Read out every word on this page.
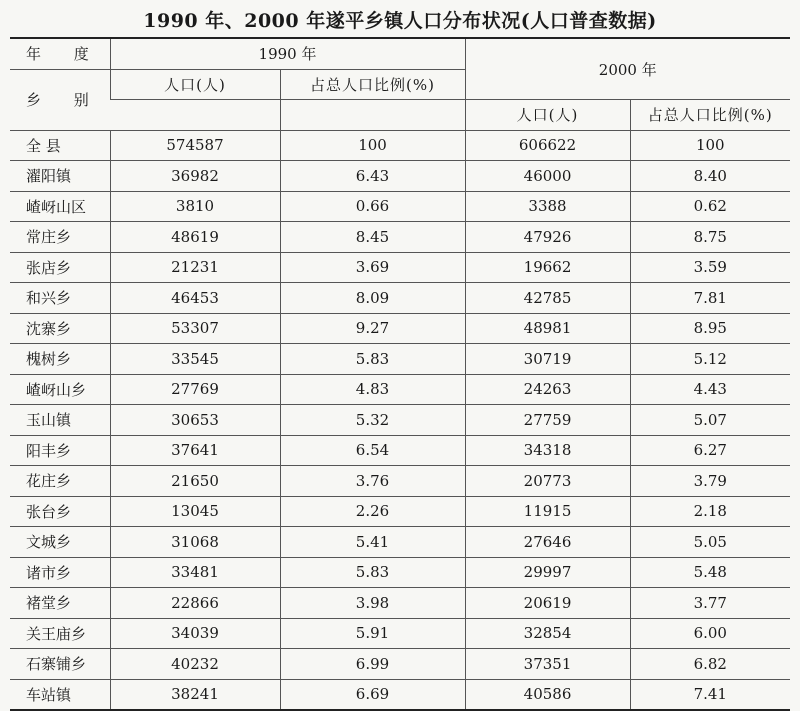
1990 年、2000 年遂平乡镇人口分布状况(人口普查数据)
年 度	1990 年		2000 年	
乡 别	人口(人)	占总人口比例(%)		
			人口(人)	占总人口比例(%)
全 县	574587	100	606622	100
濯阳镇	36982	6.43	46000	8.40
嵖岈山区	3810	0.66	3388	0.62
常庄乡	48619	8.45	47926	8.75
张店乡	21231	3.69	19662	3.59
和兴乡	46453	8.09	42785	7.81
沈寨乡	53307	9.27	48981	8.95
槐树乡	33545	5.83	30719	5.12
嵖岈山乡	27769	4.83	24263	4.43
玉山镇	30653	5.32	27759	5.07
阳丰乡	37641	6.54	34318	6.27
花庄乡	21650	3.76	20773	3.79
张台乡	13045	2.26	11915	2.18
文城乡	31068	5.41	27646	5.05
诸市乡	33481	5.83	29997	5.48
褚堂乡	22866	3.98	20619	3.77
关王庙乡	34039	5.91	32854	6.00
石寨铺乡	40232	6.99	37351	6.82
车站镇	38241	6.69	40586	7.41
